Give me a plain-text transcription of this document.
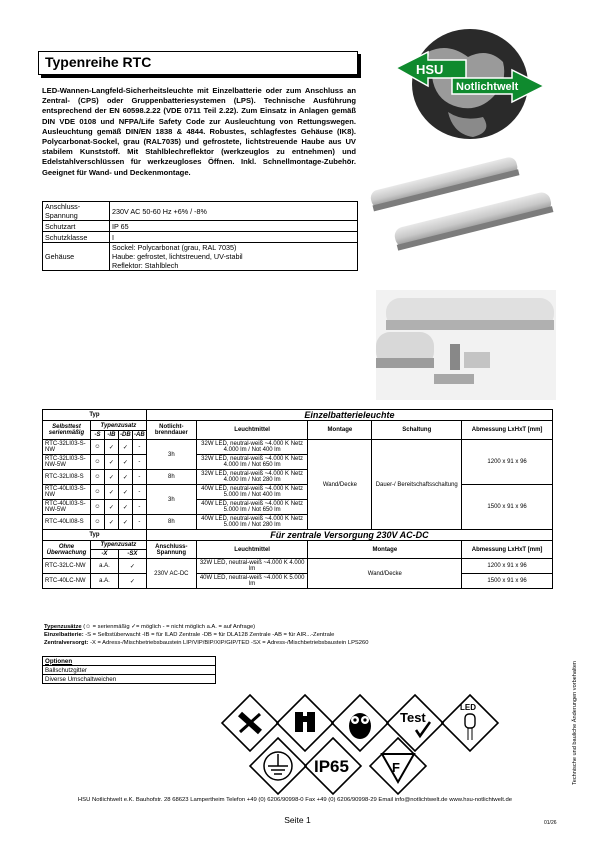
Typenreihe RTC	HSU
Notlichtwelt
LED-Wannen-Langfeld-Sicherheitsleuchte mit Einzelbatterie oder zum Anschluss an Zentral- (CPS) oder Gruppenbatteriesystemen (LPS). Technische Ausführung entsprechend der EN 60598.2.22 (VDE 0711 Teil 2.22). Zum Einsatz in Anlagen gemäß DIN VDE 0108 und NFPA/Life Safety Code zur Ausleuchtung von Rettungswegen. Ausleuchtung gemäß DIN/EN 1838 & 4844. Robustes, schlagfestes Gehäuse (IK8). Polycarbonat-Sockel, grau (RAL7035) und gefrostete, lichtstreuende Haube aus UV stabilem Kunststoff. Mit Stahlblechreflektor (werkzeuglos zu entnehmen) und Edelstahlverschlüssen für werkzeugloses Öffnen. Inkl. Schnellmontage-Zubehör. Geeignet für Wand- und Deckenmontage.
Anschluss-Spannung	230V AC 50-60 Hz +6% / -8%
Schutzart	IP 65
Schutzklasse	I
Gehäuse	Sockel: Polycarbonat (grau, RAL 7035)
Haube: gefrostet, lichtstreuend, UV-stabil
Reflektor: Stahlblech
Typ					Einzelbatterieleuchte				
Selbsttest serienmäßig	Typenzusatz				Notlicht-brenndauer	Leuchtmittel	Montage	Schaltung	Abmessung LxHxT [mm]
	-S	-IB	-DB	-AB					
RTC-32LI03-S-NW	☺	✓	✓	-	3h	32W LED, neutral-weiß ~4.000 K Netz 4.000 lm / Not 400 lm	Wand/Decke	Dauer-/ Bereitschaftsschaltung	1200 x 91 x 96
RTC-32LI03-S-NW-5W	☺	✓	✓	-		32W LED, neutral-weiß ~4.000 K Netz 4.000 lm / Not 650 lm			
RTC-32LI08-S	☺	✓	✓	-	8h	32W LED, neutral-weiß ~4.000 K Netz 4.000 lm / Not 280 lm			
RTC-40LI03-S-NW	☺	✓	✓	-	3h	40W LED, neutral-weiß ~4.000 K Netz 5.000 lm / Not 400 lm			1500 x 91 x 96
RTC-40LI03-S-NW-5W	☺	✓	✓	-		40W LED, neutral-weiß ~4.000 K Netz 5.000 lm / Not 650 lm			
RTC-40LI08-S	☺	✓	✓	-	8h	40W LED, neutral-weiß ~4.000 K Netz 5.000 lm / Not 280 lm			
Typ					Für zentrale Versorgung 230V AC-DC				
Ohne Überwachung	Typenzusatz				Anschluss-Spannung	Leuchtmittel	Montage		Abmessung LxHxT [mm]
	-X		-SX						
RTC-32LC-NW	a.A.		✓		230V AC-DC	32W LED, neutral-weiß ~4.000 K 4.000 lm	Wand/Decke		1200 x 91 x 96
RTC-40LC-NW	a.A.		✓			40W LED, neutral-weiß ~4.000 K 5.000 lm			1500 x 91 x 96
Typenzusätze (☺ = serienmäßig ✓= möglich - = nicht möglich a.A. = auf Anfrage)
Einzelbatterie: -S = Selbstüberwacht -IB = für ILAD Zentrale -DB = für DLA128 Zentrale -AB = für AIR...-Zentrale
Zentralversorgt: -X = Adress-/Mischbetriebsbaustein LIP/VIP/BIP/XIP/GIP/TED -SX = Adress-/Mischbetriebsbaustein LPS260
Optionen
Ballschutzgitter
Diverse Umschaltweichen
Test
LED
IP65	F	Technische und bauliche Änderungen vorbehalten
HSU Notlichtwelt e.K. Bauhofstr. 28 68623 Lampertheim Telefon +49 (0) 6206/90998-0 Fax +49 (0) 6206/90998-29 Email info@notlichtwelt.de www.hsu-notlichtwelt.de
Seite 1	01/26
